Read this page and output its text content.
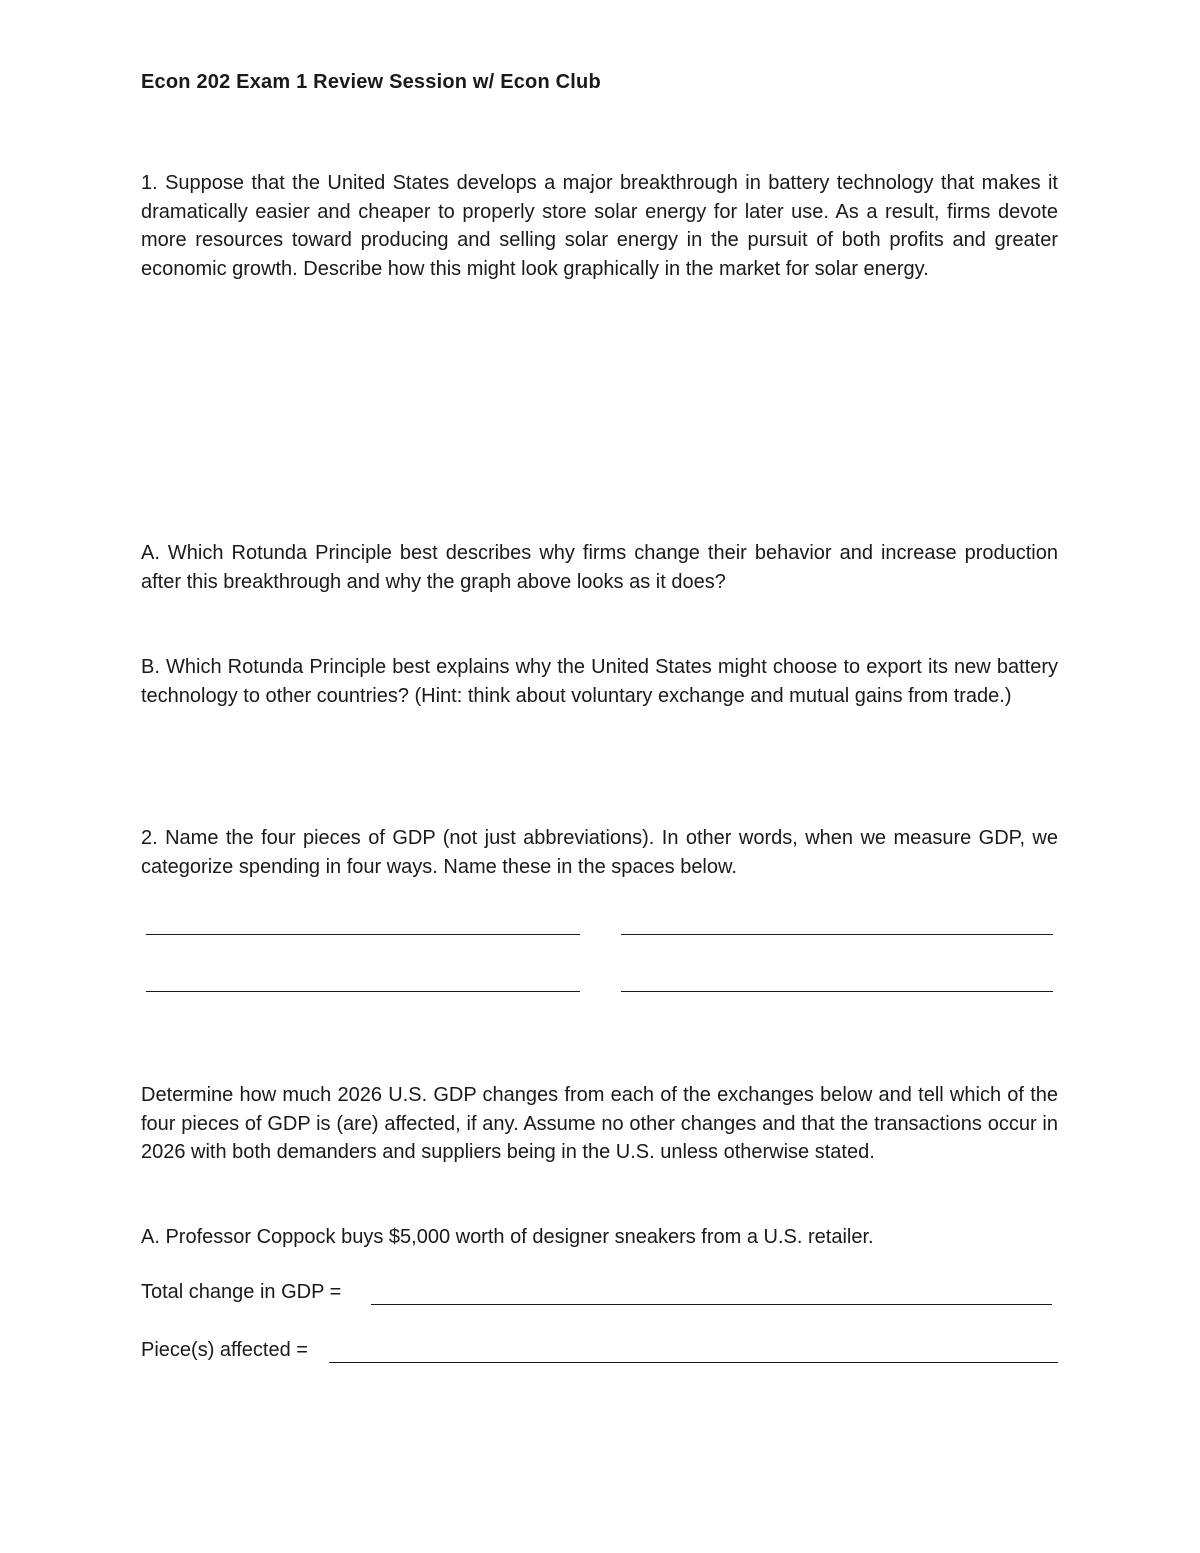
Econ 202 Exam 1 Review Session w/ Econ Club

1. Suppose that the United States develops a major breakthrough in battery technology that makes it dramatically easier and cheaper to properly store solar energy for later use. As a result, firms devote more resources toward producing and selling solar energy in the pursuit of both profits and greater economic growth. Describe how this might look graphically in the market for solar energy.

A. Which Rotunda Principle best describes why firms change their behavior and increase production after this breakthrough and why the graph above looks as it does?

B. Which Rotunda Principle best explains why the United States might choose to export its new battery technology to other countries? (Hint: think about voluntary exchange and mutual gains from trade.)

2. Name the four pieces of GDP (not just abbreviations). In other words, when we measure GDP, we categorize spending in four ways. Name these in the spaces below.

Determine how much 2026 U.S. GDP changes from each of the exchanges below and tell which of the four pieces of GDP is (are) affected, if any. Assume no other changes and that the transactions occur in 2026 with both demanders and suppliers being in the U.S. unless otherwise stated.

A. Professor Coppock buys $5,000 worth of designer sneakers from a U.S. retailer.

Total change in GDP =
Piece(s) affected =
